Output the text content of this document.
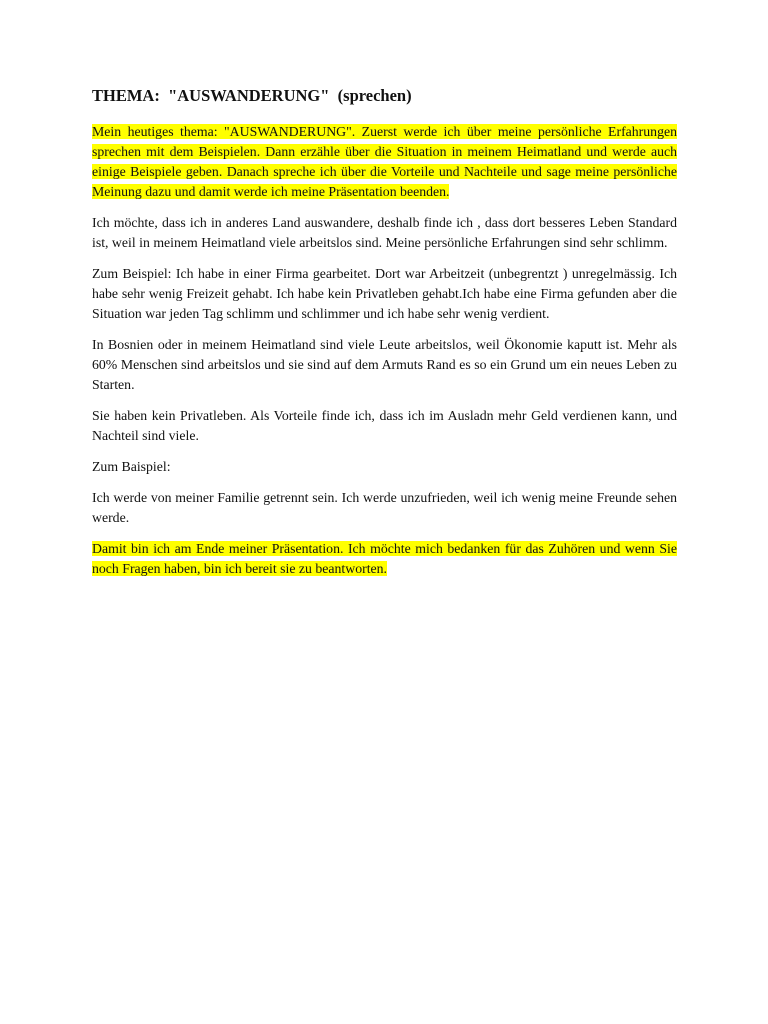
THEMA:  "AUSWANDERUNG"  (sprechen)

Mein heutiges thema: "AUSWANDERUNG". Zuerst werde ich über meine persönliche Erfahrungen sprechen mit dem Beispielen. Dann erzähle über die Situation in meinem Heimatland und werde auch einige Beispiele geben. Danach spreche ich über die Vorteile und Nachteile und sage meine persönliche Meinung dazu und damit werde ich meine Präsentation beenden.

Ich möchte, dass ich in anderes Land auswandere, deshalb finde ich , dass dort besseres Leben Standard ist, weil in meinem Heimatland viele arbeitslos sind. Meine persönliche Erfahrungen sind sehr schlimm.

Zum Beispiel: Ich habe in einer Firma gearbeitet. Dort war Arbeitzeit (unbegrentzt ) unregelmässig. Ich habe sehr wenig Freizeit gehabt. Ich habe kein Privatleben gehabt.Ich habe eine Firma gefunden aber die Situation war jeden Tag schlimm und schlimmer und ich habe sehr wenig verdient.

In Bosnien oder in meinem Heimatland sind viele Leute arbeitslos, weil Ökonomie kaputt ist. Mehr als 60% Menschen sind arbeitslos und sie sind auf dem Armuts Rand es so ein Grund um ein neues Leben zu Starten.

Sie haben kein Privatleben. Als Vorteile finde ich, dass ich im Ausladn mehr Geld verdienen kann, und Nachteil sind viele.

Zum Baispiel:

Ich werde von meiner Familie getrennt sein. Ich werde unzufrieden, weil ich wenig meine Freunde sehen werde.

Damit bin ich am Ende meiner Präsentation. Ich möchte mich bedanken für das Zuhören und wenn Sie noch Fragen haben, bin ich bereit sie zu beantworten.
